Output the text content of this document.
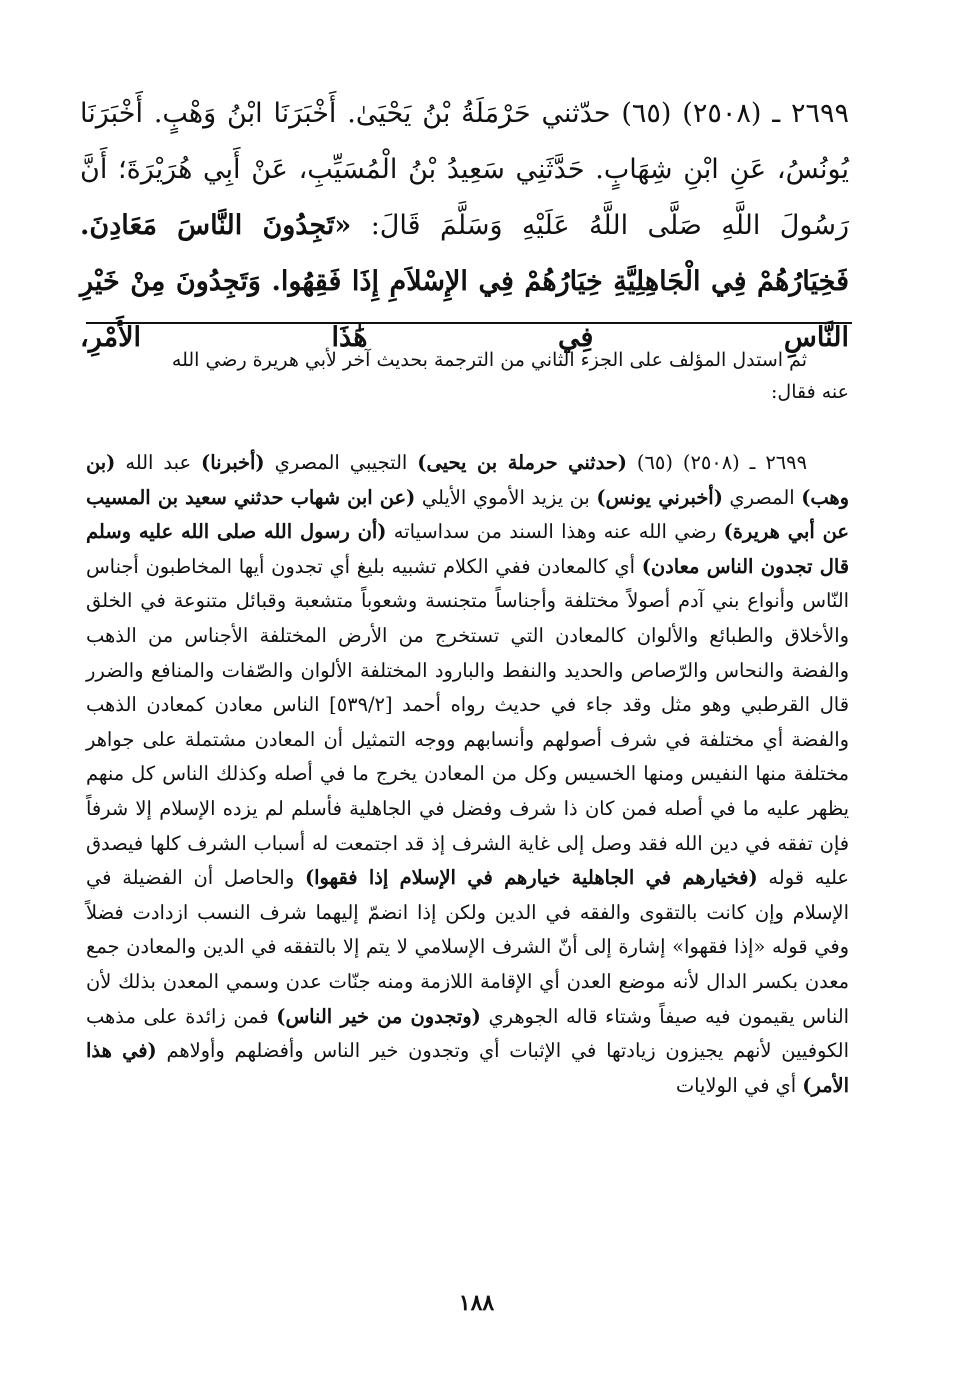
٢٦٩٩ ـ (٢٥٠٨) (٦٥) حدّثني حَرْمَلَةُ بْنُ يَحْيَىٰ. أَخْبَرَنَا ابْنُ وَهْبٍ. أَخْبَرَنَا يُونُسُ، عَنِ ابْنِ شِهَابٍ. حَدَّثَنِي سَعِيدُ بْنُ الْمُسَيِّبِ، عَنْ أَبِي هُرَيْرَةَ؛ أَنَّ رَسُولَ اللَّهِ صَلَّى اللَّهُ عَلَيْهِ وَسَلَّمَ قَالَ: «تَجِدُونَ النَّاسَ مَعَادِنَ. فَخِيَارُهُمْ فِي الْجَاهِلِيَّةِ خِيَارُهُمْ فِي الإِسْلاَمِ إِذَا فَقِهُوا. وَتَجِدُونَ مِنْ خَيْرِ النَّاسِ فِي هَٰذَا الأَمْرِ،
ثم استدل المؤلف على الجزء الثاني من الترجمة بحديث آخر لأبي هريرة رضي الله
عنه فقال:
٢٦٩٩ ـ (٢٥٠٨) (٦٥) (حدثني حرملة بن يحيى) التجيبي المصري (أخبرنا) عبد الله (بن وهب) المصري (أخبرني يونس) بن يزيد الأموي الأيلي (عن ابن شهاب حدثني سعيد بن المسيب عن أبي هريرة) رضي الله عنه وهذا السند من سداسياته (أن رسول الله صلى الله عليه وسلم قال تجدون الناس معادن) أي كالمعادن ففي الكلام تشبيه بليغ أي تجدون أيها المخاطبون أجناس النّاس وأنواع بني آدم أصولاً مختلفة وأجناساً متجنسة وشعوباً متشعبة وقبائل متنوعة في الخلق والأخلاق والطبائع والألوان كالمعادن التي تستخرج من الأرض المختلفة الأجناس من الذهب والفضة والنحاس والرّصاص والحديد والنفط والبارود المختلفة الألوان والصّفات والمنافع والضرر قال القرطبي وهو مثل وقد جاء في حديث رواه أحمد [٥٣٩/٢] الناس معادن كمعادن الذهب والفضة أي مختلفة في شرف أصولهم وأنسابهم ووجه التمثيل أن المعادن مشتملة على جواهر مختلفة منها النفيس ومنها الخسيس وكل من المعادن يخرج ما في أصله وكذلك الناس كل منهم يظهر عليه ما في أصله فمن كان ذا شرف وفضل في الجاهلية فأسلم لم يزده الإسلام إلا شرفاً فإن تفقه في دين الله فقد وصل إلى غاية الشرف إذ قد اجتمعت له أسباب الشرف كلها فيصدق عليه قوله (فخيارهم في الجاهلية خيارهم في الإسلام إذا فقهوا) والحاصل أن الفضيلة في الإسلام وإن كانت بالتقوى والفقه في الدين ولكن إذا انضمّ إليهما شرف النسب ازدادت فضلاً وفي قوله «إذا فقهوا» إشارة إلى أنّ الشرف الإسلامي لا يتم إلا بالتفقه في الدين والمعادن جمع معدن بكسر الدال لأنه موضع العدن أي الإقامة اللازمة ومنه جنّات عدن وسمي المعدن بذلك لأن الناس يقيمون فيه صيفاً وشتاء قاله الجوهري (وتجدون من خير الناس) فمن زائدة على مذهب الكوفيين لأنهم يجيزون زيادتها في الإثبات أي وتجدون خير الناس وأفضلهم وأولاهم (في هذا الأمر) أي في الولايات
١٨٨
